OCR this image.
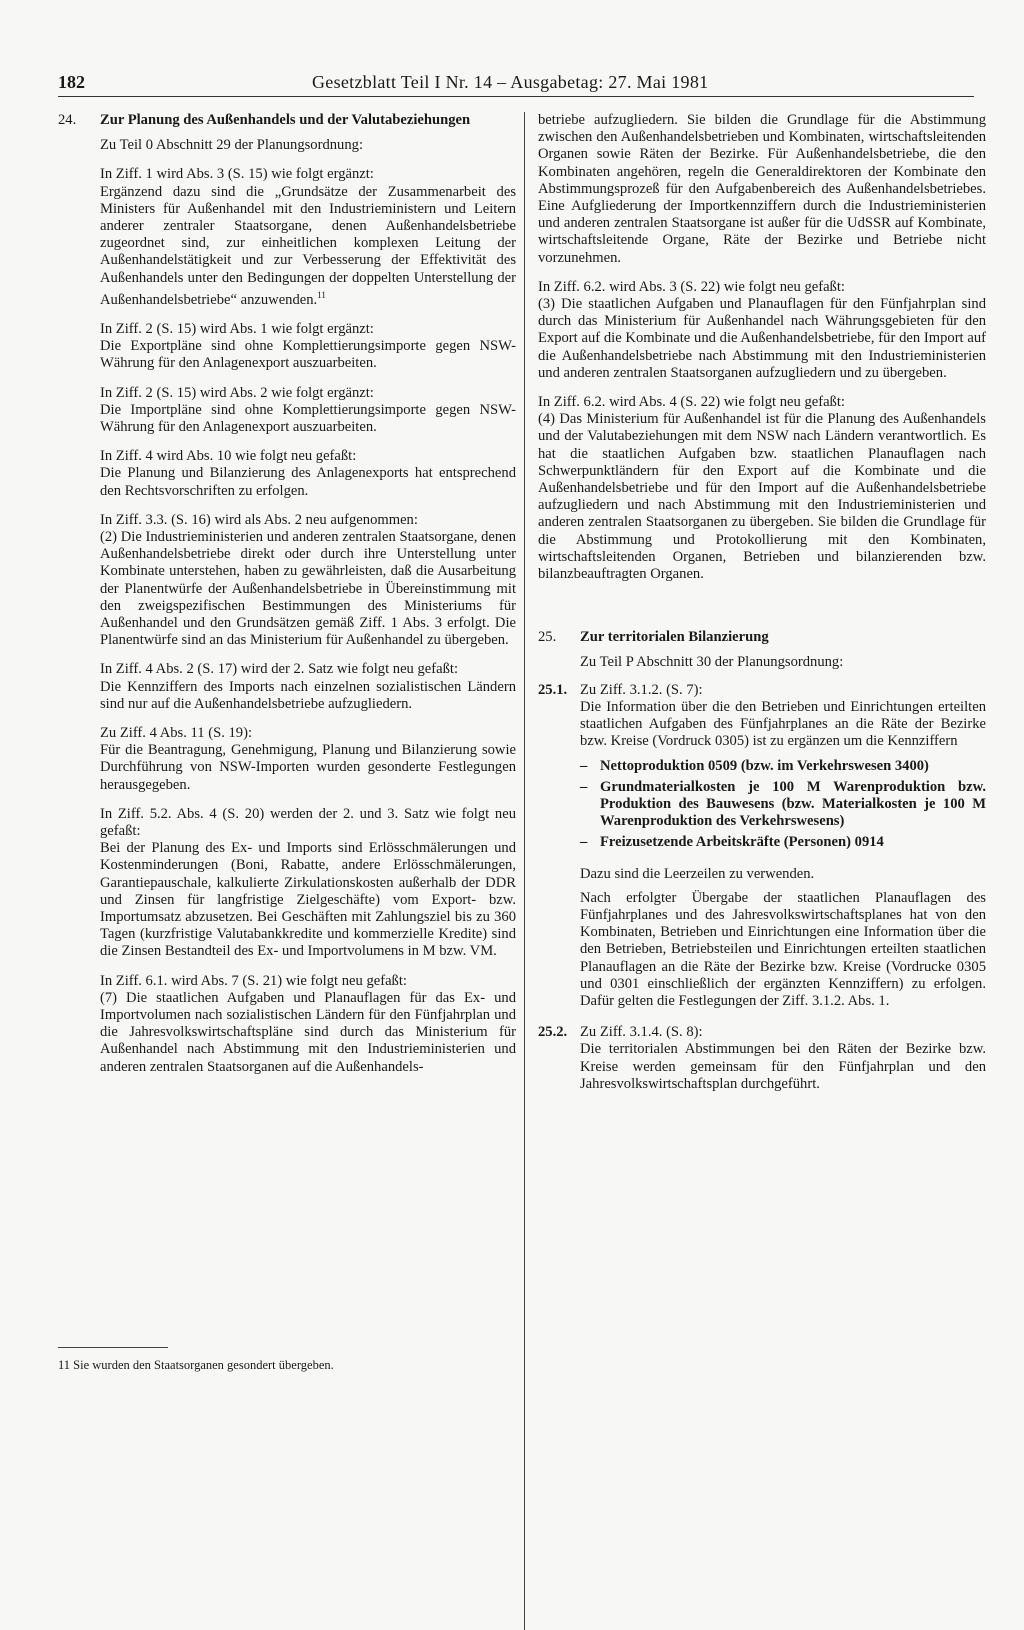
182	Gesetzblatt Teil I Nr. 14 – Ausgabetag: 27. Mai 1981
24.	Zur Planung des Außenhandels und der Valutabeziehungen

Zu Teil 0 Abschnitt 29 der Planungsordnung:

In Ziff. 1 wird Abs. 3 (S. 15) wie folgt ergänzt:
Ergänzend dazu sind die „Grundsätze der Zusammenarbeit des Ministers für Außenhandel mit den Industrieministern und Leitern anderer zentraler Staatsorgane, denen Außenhandelsbetriebe zugeordnet sind, zur einheitlichen komplexen Leitung der Außenhandelstätigkeit und zur Verbesserung der Effektivität des Außenhandels unter den Bedingungen der doppelten Unterstellung der Außenhandelsbetriebe“ anzuwenden.$^{11}$
In Ziff. 2 (S. 15) wird Abs. 1 wie folgt ergänzt:
Die Exportpläne sind ohne Komplettierungsimporte gegen NSW-Währung für den Anlagenexport auszuarbeiten.
In Ziff. 2 (S. 15) wird Abs. 2 wie folgt ergänzt:
Die Importpläne sind ohne Komplettierungsimporte gegen NSW-Währung für den Anlagenexport auszuarbeiten.
In Ziff. 4 wird Abs. 10 wie folgt neu gefaßt:
Die Planung und Bilanzierung des Anlagenexports hat entsprechend den Rechtsvorschriften zu erfolgen.
In Ziff. 3.3. (S. 16) wird als Abs. 2 neu aufgenommen:
(2) Die Industrieministerien und anderen zentralen Staatsorgane, denen Außenhandelsbetriebe direkt oder durch ihre Unterstellung unter Kombinate unterstehen, haben zu gewährleisten, daß die Ausarbeitung der Planentwürfe der Außenhandelsbetriebe in Übereinstimmung mit den zweigspezifischen Bestimmungen des Ministeriums für Außenhandel und den Grundsätzen gemäß Ziff. 1 Abs. 3 erfolgt. Die Planentwürfe sind an das Ministerium für Außenhandel zu übergeben.
In Ziff. 4 Abs. 2 (S. 17) wird der 2. Satz wie folgt neu gefaßt:
Die Kennziffern des Imports nach einzelnen sozialistischen Ländern sind nur auf die Außenhandelsbetriebe aufzugliedern.
Zu Ziff. 4 Abs. 11 (S. 19):
Für die Beantragung, Genehmigung, Planung und Bilanzierung sowie Durchführung von NSW-Importen wurden gesonderte Festlegungen herausgegeben.
In Ziff. 5.2. Abs. 4 (S. 20) werden der 2. und 3. Satz wie folgt neu gefaßt:
Bei der Planung des Ex- und Imports sind Erlösschmälerungen und Kostenminderungen (Boni, Rabatte, andere Erlösschmälerungen, Garantiepauschale, kalkulierte Zirkulationskosten außerhalb der DDR und Zinsen für langfristige Zielgeschäfte) vom Export- bzw. Importumsatz abzusetzen. Bei Geschäften mit Zahlungsziel bis zu 360 Tagen (kurzfristige Valutabankkredite und kommerzielle Kredite) sind die Zinsen Bestandteil des Ex- und Importvolumens in M bzw. VM.
In Ziff. 6.1. wird Abs. 7 (S. 21) wie folgt neu gefaßt:
(7) Die staatlichen Aufgaben und Planauflagen für das Ex- und Importvolumen nach sozialistischen Ländern für den Fünfjahrplan und die Jahresvolkswirtschaftspläne sind durch das Ministerium für Außenhandel nach Abstimmung mit den Industrieministerien und anderen zentralen Staatsorganen auf die Außenhandels-
11 Sie wurden den Staatsorganen gesondert übergeben.

betriebe aufzugliedern. Sie bilden die Grundlage für die Abstimmung zwischen den Außenhandelsbetrieben und Kombinaten, wirtschaftsleitenden Organen sowie Räten der Bezirke. Für Außenhandelsbetriebe, die den Kombinaten angehören, regeln die Generaldirektoren der Kombinate den Abstimmungsprozeß für den Aufgabenbereich des Außenhandelsbetriebes. Eine Aufgliederung der Importkennziffern durch die Industrieministerien und anderen zentralen Staatsorgane ist außer für die UdSSR auf Kombinate, wirtschaftsleitende Organe, Räte der Bezirke und Betriebe nicht vorzunehmen.

In Ziff. 6.2. wird Abs. 3 (S. 22) wie folgt neu gefaßt:
(3) Die staatlichen Aufgaben und Planauflagen für den Fünfjahrplan sind durch das Ministerium für Außenhandel nach Währungsgebieten für den Export auf die Kombinate und die Außenhandelsbetriebe, für den Import auf die Außenhandelsbetriebe nach Abstimmung mit den Industrieministerien und anderen zentralen Staatsorganen aufzugliedern und zu übergeben.
In Ziff. 6.2. wird Abs. 4 (S. 22) wie folgt neu gefaßt:
(4) Das Ministerium für Außenhandel ist für die Planung des Außenhandels und der Valutabeziehungen mit dem NSW nach Ländern verantwortlich. Es hat die staatlichen Aufgaben bzw. staatlichen Planauflagen nach Schwerpunktländern für den Export auf die Kombinate und die Außenhandelsbetriebe und für den Import auf die Außenhandelsbetriebe aufzugliedern und nach Abstimmung mit den Industrieministerien und anderen zentralen Staatsorganen zu übergeben. Sie bilden die Grundlage für die Abstimmung und Protokollierung mit den Kombinaten, wirtschaftsleitenden Organen, Betrieben und bilanzierenden bzw. bilanzbeauftragten Organen.
25.	Zur territorialen Bilanzierung

Zu Teil P Abschnitt 30 der Planungsordnung:

25.1. Zu Ziff. 3.1.2. (S. 7):

Die Information über die den Betrieben und Einrichtungen erteilten staatlichen Aufgaben des Fünfjahrplanes an die Räte der Bezirke bzw. Kreise (Vordruck 0305) ist zu ergänzen um die Kennziffern

– Nettoproduktion 0509 (bzw. im Verkehrswesen 3400)
– Grundmaterialkosten je 100 M Warenproduktion bzw. Produktion des Bauwesens (bzw. Materialkosten je 100 M Warenproduktion des Verkehrswesens)
– Freizusetzende Arbeitskräfte (Personen) 0914

Dazu sind die Leerzeilen zu verwenden.

Nach erfolgter Übergabe der staatlichen Planauflagen des Fünfjahrplanes und des Jahresvolkswirtschaftsplanes hat von den Kombinaten, Betrieben und Einrichtungen eine Information über die den Betrieben, Betriebsteilen und Einrichtungen erteilten staatlichen Planauflagen an die Räte der Bezirke bzw. Kreise (Vordrucke 0305 und 0301 einschließlich der ergänzten Kennziffern) zu erfolgen. Dafür gelten die Festlegungen der Ziff. 3.1.2. Abs. 1.

25.2. Zu Ziff. 3.1.4. (S. 8):

Die territorialen Abstimmungen bei den Räten der Bezirke bzw. Kreise werden gemeinsam für den Fünfjahrplan und den Jahresvolkswirtschaftsplan durchgeführt.
